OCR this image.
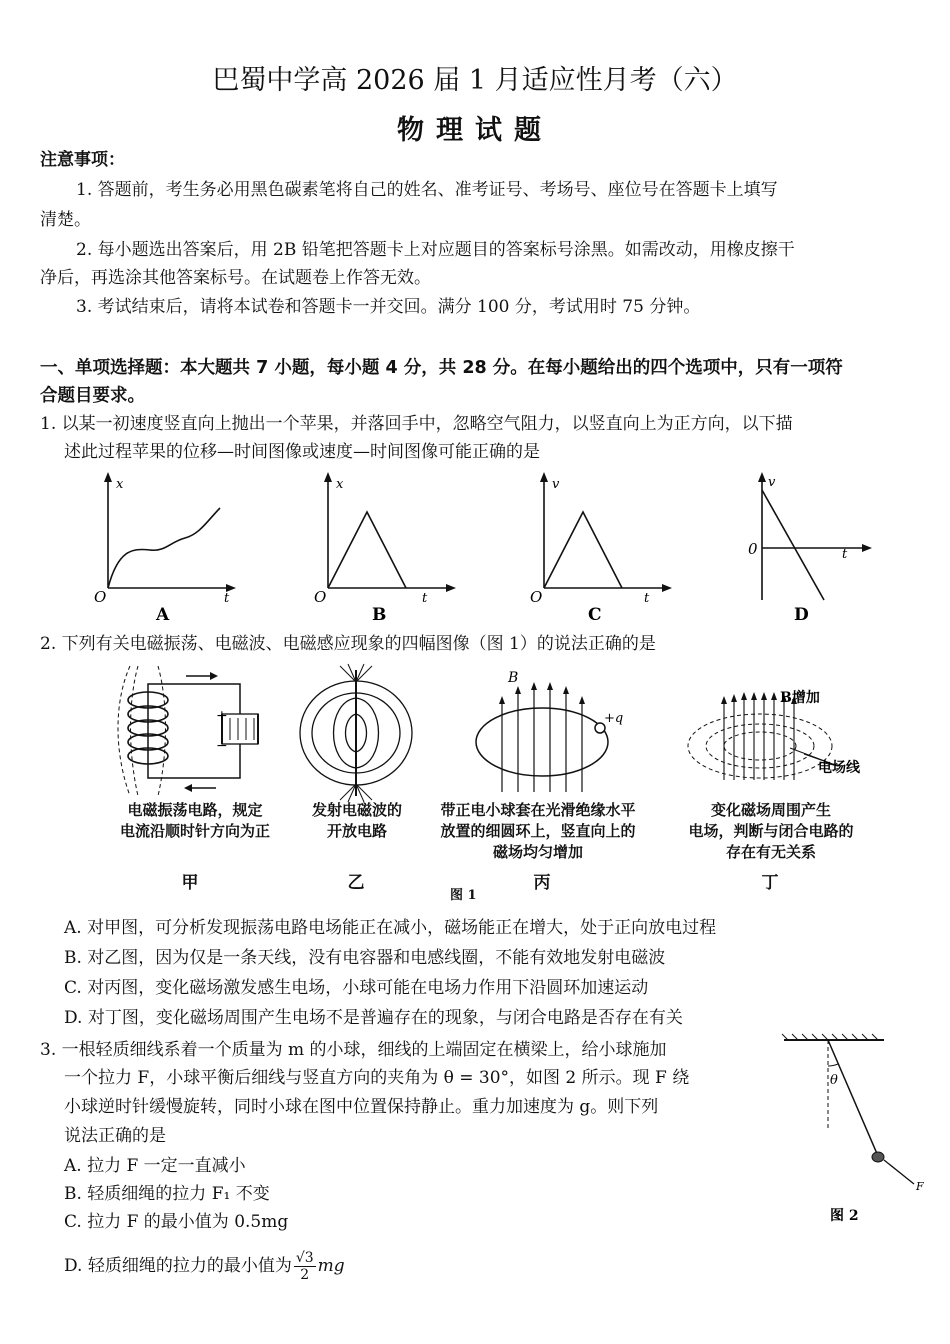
巴蜀中学高 2026 届 1 月适应性月考（六）
物理试题
注意事项：
1. 答题前，考生务必用黑色碳素笔将自己的姓名、准考证号、考场号、座位号在答题卡上填写
清楚。
2. 每小题选出答案后，用 2B 铅笔把答题卡上对应题目的答案标号涂黑。如需改动，用橡皮擦干
净后，再选涂其他答案标号。在试题卷上作答无效。
3. 考试结束后，请将本试卷和答题卡一并交回。满分 100 分，考试用时 75 分钟。
一、单项选择题：本大题共 7 小题，每小题 4 分，共 28 分。在每小题给出的四个选项中，只有一项符
合题目要求。
1. 以某一初速度竖直向上抛出一个苹果，并落回手中，忽略空气阻力，以竖直向上为正方向，以下描
述此过程苹果的位移—时间图像或速度—时间图像可能正确的是
x
O	t
A
x
O	t
B
v
O	t
C
v
0	t
D
2. 下列有关电磁振荡、电磁波、电磁感应现象的四幅图像（图 1）的说法正确的是
+
−
B
+q
B增加
电场线
电磁振荡电路，规定
电流沿顺时针方向为正
发射电磁波的
开放电路
带正电小球套在光滑绝缘水平
放置的细圆环上，竖直向上的
磁场均匀增加
变化磁场周围产生
电场，判断与闭合电路的
存在有无关系
甲	乙	丙	丁
图 1
A. 对甲图，可分析发现振荡电路电场能正在减小，磁场能正在增大，处于正向放电过程
B. 对乙图，因为仅是一条天线，没有电容器和电感线圈，不能有效地发射电磁波
C. 对丙图，变化磁场激发感生电场，小球可能在电场力作用下沿圆环加速运动
D. 对丁图，变化磁场周围产生电场不是普遍存在的现象，与闭合电路是否存在有关
3. 一根轻质细线系着一个质量为 m 的小球，细线的上端固定在横梁上，给小球施加
一个拉力 F，小球平衡后细线与竖直方向的夹角为 θ = 30°，如图 2 所示。现 F 绕
小球逆时针缓慢旋转，同时小球在图中位置保持静止。重力加速度为 g。则下列
说法正确的是
A. 拉力 F 一定一直减小
B. 轻质细绳的拉力 F₁ 不变
C. 拉力 F 的最小值为 0.5mg
D. 轻质细绳的拉力的最小值为 $\frac{√3}{2}$ mg
θ
F
图 2
